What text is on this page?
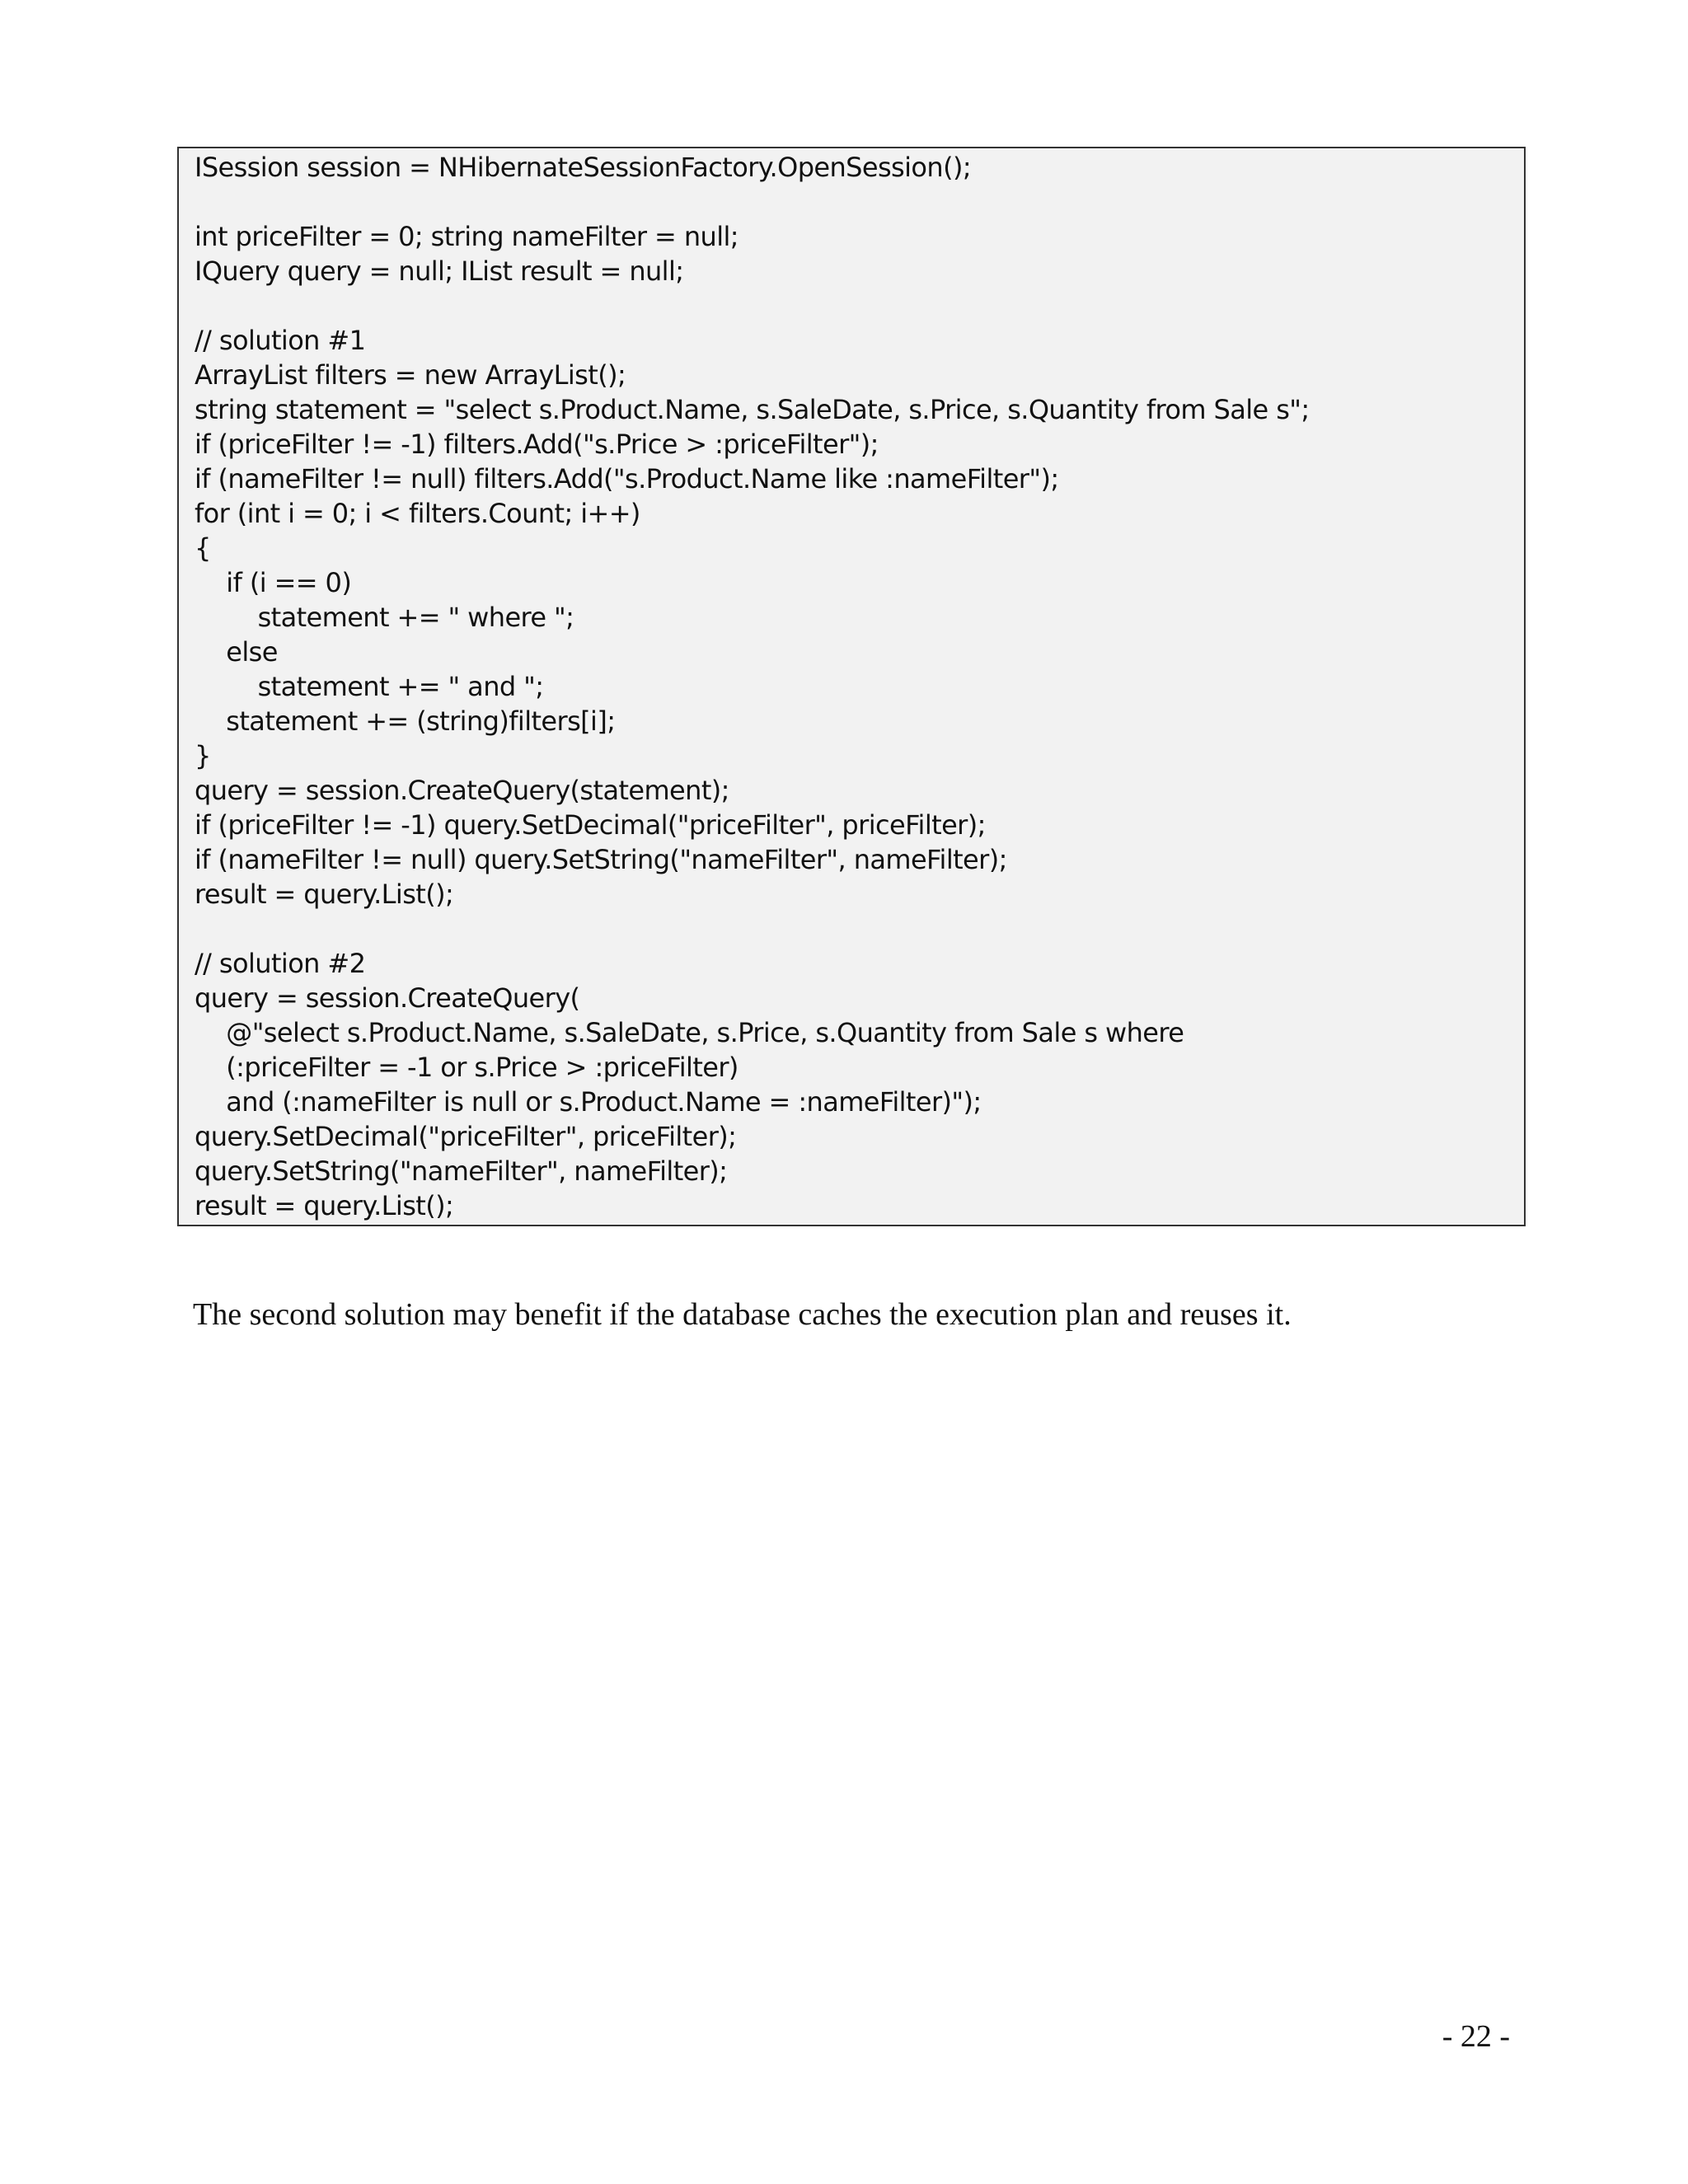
ISession session = NHibernateSessionFactory.OpenSession();
int priceFilter = 0; string nameFilter = null;
IQuery query = null; IList result = null;
// solution #1
ArrayList filters = new ArrayList();
string statement = "select s.Product.Name, s.SaleDate, s.Price, s.Quantity from Sale s";
if (priceFilter != -1) filters.Add("s.Price > :priceFilter");
if (nameFilter != null) filters.Add("s.Product.Name like :nameFilter");
for (int i = 0; i < filters.Count; i++)
{
if (i == 0)
statement += " where ";
else
statement += " and ";
statement += (string)filters[i];
}
query = session.CreateQuery(statement);
if (priceFilter != -1) query.SetDecimal("priceFilter", priceFilter);
if (nameFilter != null) query.SetString("nameFilter", nameFilter);
result = query.List();
// solution #2
query = session.CreateQuery(
@"select s.Product.Name, s.SaleDate, s.Price, s.Quantity from Sale s where
(:priceFilter = -1 or s.Price > :priceFilter)
and (:nameFilter is null or s.Product.Name = :nameFilter)");
query.SetDecimal("priceFilter", priceFilter);
query.SetString("nameFilter", nameFilter);
result = query.List();
The second solution may benefit if the database caches the execution plan and reuses it.
- 22 -
